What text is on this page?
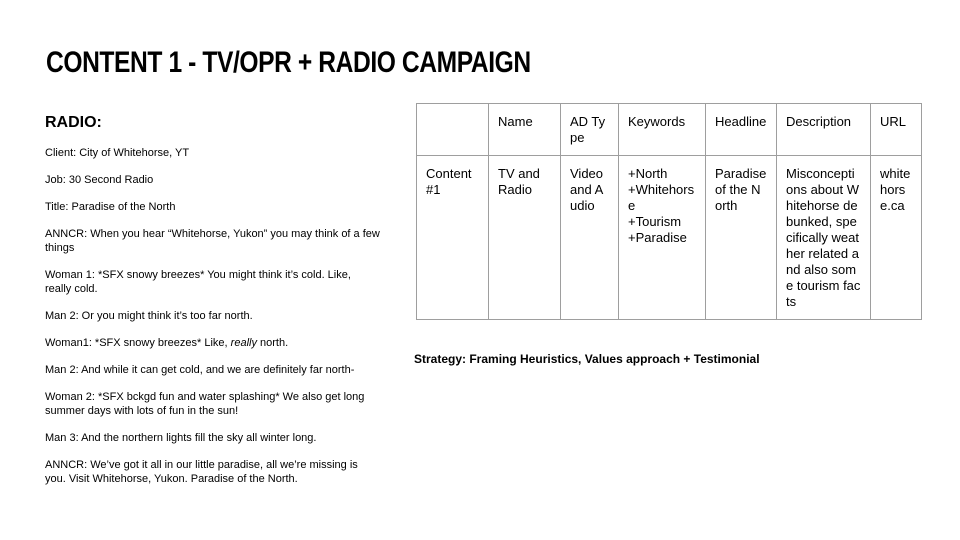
CONTENT 1 - TV/OPR + RADIO CAMPAIGN
RADIO:

Client: City of Whitehorse, YT

Job: 30 Second Radio

Title: Paradise of the North

ANNCR: When you hear “Whitehorse, Yukon” you may think of a few things

Woman 1: *SFX snowy breezes* You might think it’s cold. Like, really cold.

Man 2: Or you might think it’s too far north.

Woman1: *SFX snowy breezes* Like, really north.

Man 2: And while it can get cold, and we are definitely far north-

Woman 2: *SFX bckgd fun and water splashing* We also get long summer days with lots of fun in the sun!

Man 3: And the northern lights fill the sky all winter long.

ANNCR: We’ve got it all in our little paradise, all we’re missing is you. Visit Whitehorse, Yukon. Paradise of the North.

	Name	AD Type	Keywords	Headline	Description	URL
Content #1	TV and Radio	Video and Audio	+North
+Whitehorse
+Tourism
+Paradise	Paradise of the North	Misconceptions about Whitehorse debunked, specifically weather related and also some tourism facts	whitehorse.ca
Strategy: Framing Heuristics, Values approach + Testimonial
